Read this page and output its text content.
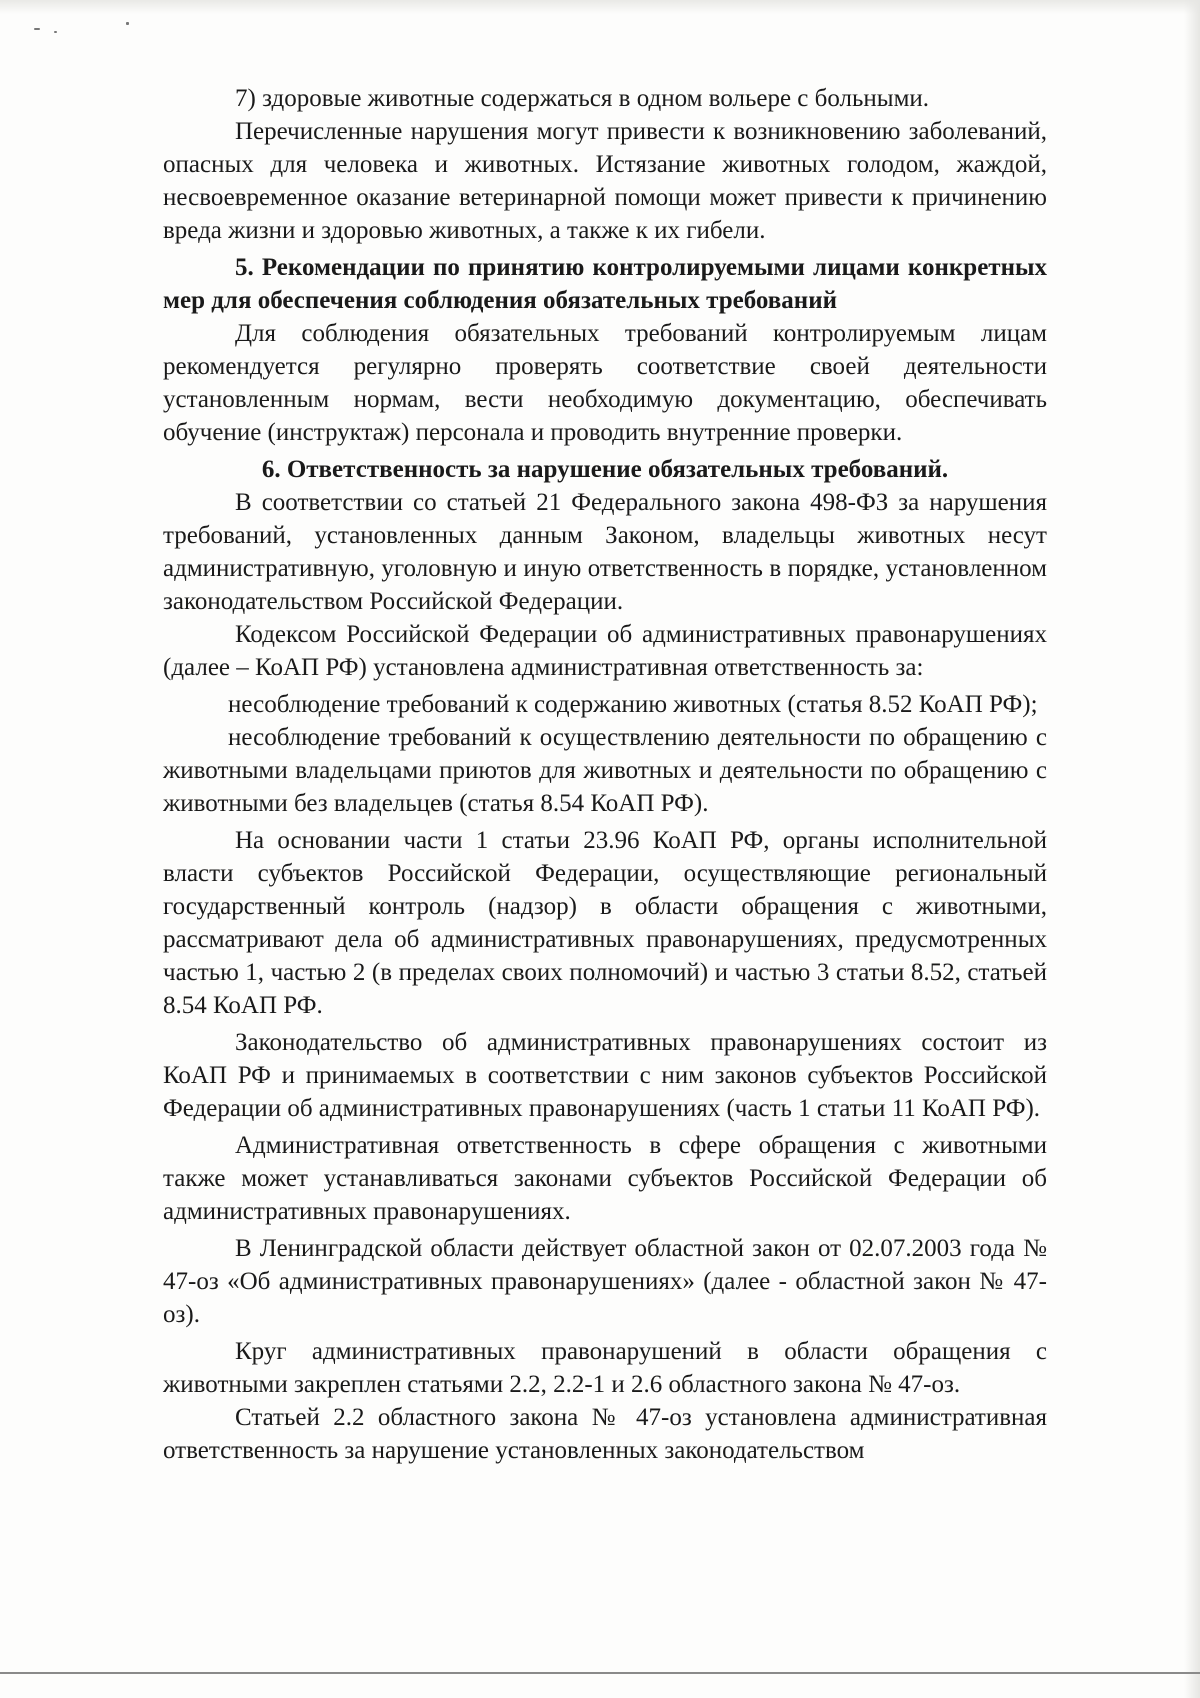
7) здоровые животные содержаться в одном вольере с больными.

Перечисленные нарушения могут привести к возникновению заболеваний, опасных для человека и животных. Истязание животных голодом, жаждой, несвоевременное оказание ветеринарной помощи может привести к причинению вреда жизни и здоровью животных, а также к их гибели.

5. Рекомендации по принятию контролируемыми лицами конкретных мер для обеспечения соблюдения обязательных требований

Для соблюдения обязательных требований контролируемым лицам рекомендуется регулярно проверять соответствие своей деятельности установленным нормам, вести необходимую документацию, обеспечивать обучение (инструктаж) персонала и проводить внутренние проверки.

6. Ответственность за нарушение обязательных требований.

В соответствии со статьей 21 Федерального закона 498-ФЗ за нарушения требований, установленных данным Законом, владельцы животных несут административную, уголовную и иную ответственность в порядке, установленном законодательством Российской Федерации.

Кодексом Российской Федерации об административных правонарушениях (далее – КоАП РФ) установлена административная ответственность за:

несоблюдение требований к содержанию животных (статья 8.52 КоАП РФ);

несоблюдение требований к осуществлению деятельности по обращению с животными владельцами приютов для животных и деятельности по обращению с животными без владельцев (статья 8.54 КоАП РФ).

На основании части 1 статьи 23.96 КоАП РФ, органы исполнительной власти субъектов Российской Федерации, осуществляющие региональный государственный контроль (надзор) в области обращения с животными, рассматривают дела об административных правонарушениях, предусмотренных частью 1, частью 2 (в пределах своих полномочий) и частью 3 статьи 8.52, статьей 8.54 КоАП РФ.

Законодательство об административных правонарушениях состоит из КоАП РФ и принимаемых в соответствии с ним законов субъектов Российской Федерации об административных правонарушениях (часть 1 статьи 11 КоАП РФ).

Административная ответственность в сфере обращения с животными также может устанавливаться законами субъектов Российской Федерации об административных правонарушениях.

В Ленинградской области действует областной закон от 02.07.2003 года № 47-оз «Об административных правонарушениях» (далее - областной закон № 47-оз).

Круг административных правонарушений в области обращения с животными закреплен статьями 2.2, 2.2-1 и 2.6 областного закона № 47-оз.

Статьей 2.2 областного закона № 47-оз установлена административная ответственность за нарушение установленных законодательством
